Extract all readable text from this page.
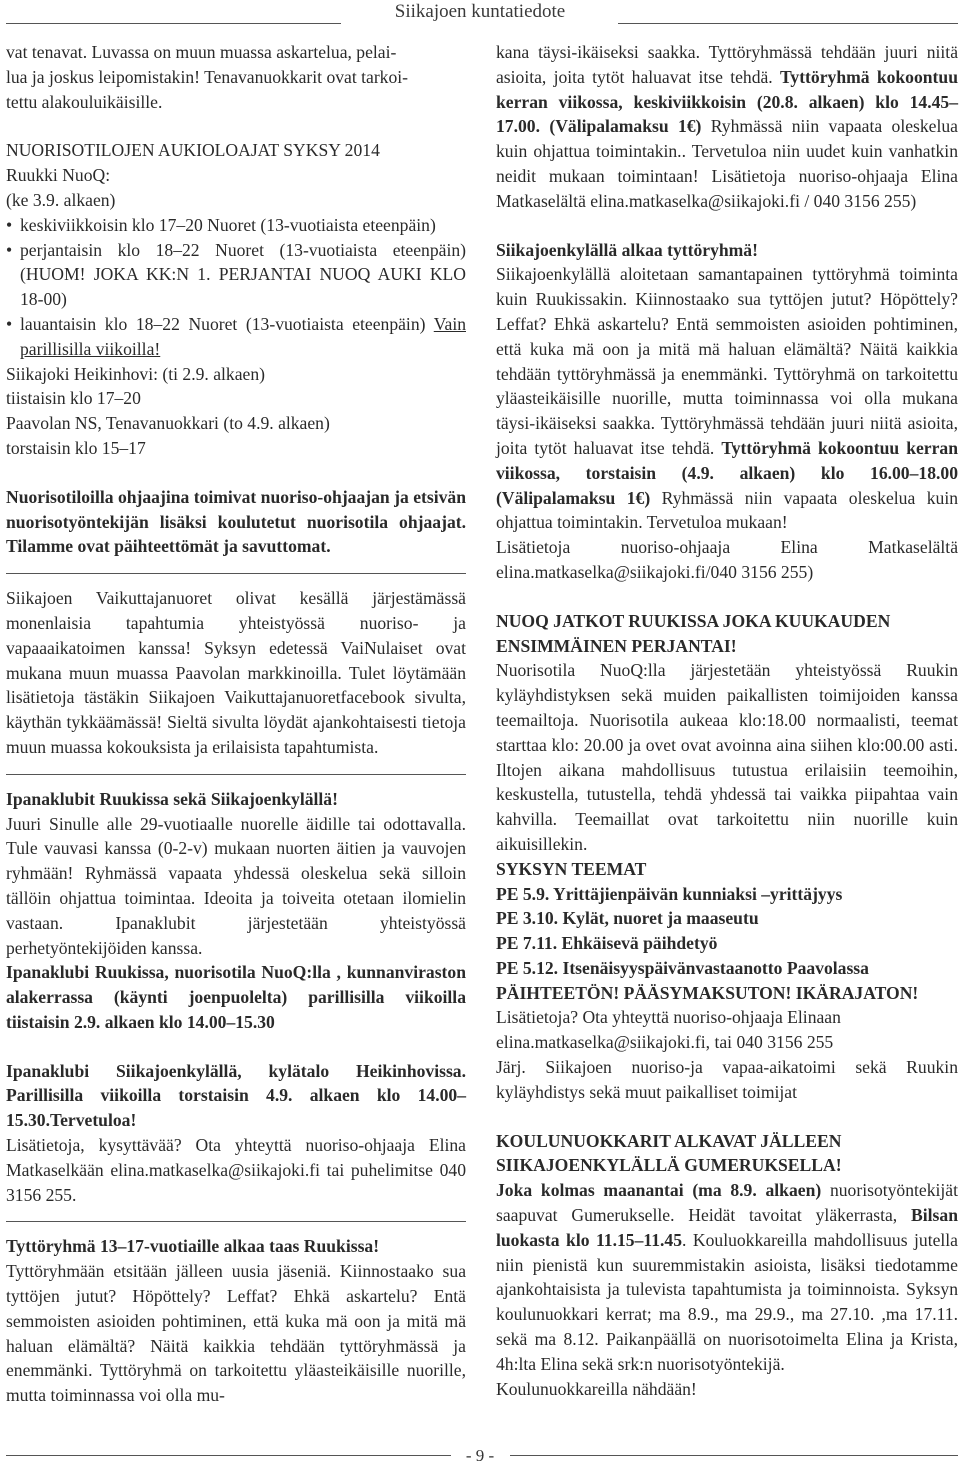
Siikajoen kuntatiedote

vat tenavat. Luvassa on muun muassa askartelua, pelai-

lua ja joskus leipomistakin! Tenavanuokkarit ovat tarkoi-

tettu alakouluikäisille.

NUORISOTILOJEN AUKIOLOAJAT SYKSY 2014

Ruukki NuoQ:

(ke 3.9. alkaen)

• keskiviikkoisin klo 17–20 Nuoret (13-vuotiaista eteenpäin)
• perjantaisin klo 18–22 Nuoret (13-vuotiaista eteenpäin) (HUOM! JOKA KK:N 1. PERJANTAI NUOQ AUKI KLO 18-00)
• lauantaisin klo 18–22 Nuoret (13-vuotiaista eteenpäin) Vain parillisilla viikoilla!

Siikajoki Heikinhovi: (ti 2.9. alkaen)

tiistaisin klo 17–20

Paavolan NS, Tenavanuokkari (to 4.9. alkaen)

torstaisin klo 15–17

Nuorisotiloilla ohjaajina toimivat nuoriso-ohjaajan ja etsivän nuorisotyöntekijän lisäksi koulutetut nuorisotila ohjaajat. Tilamme ovat päihteettömät ja savuttomat.

Siikajoen Vaikuttajanuoret olivat kesällä järjestämässä monenlaisia tapahtumia yhteistyössä nuoriso- ja vapaaaikatoimen kanssa! Syksyn edetessä VaiNulaiset ovat mukana muun muassa Paavolan markkinoilla. Tulet löytämään lisätietoja tästäkin Siikajoen Vaikuttajanuoretfacebook sivulta, käythän tykkäämässä! Sieltä sivulta löydät ajankohtaisesti tietoja muun muassa kokouksista ja erilaisista tapahtumista.

Ipanaklubit Ruukissa sekä Siikajoenkylällä!

Juuri Sinulle alle 29-vuotiaalle nuorelle äidille tai odottavalla. Tule vauvasi kanssa (0-2-v) mukaan nuorten äitien ja vauvojen ryhmään! Ryhmässä vapaata yhdessä oleskelua sekä silloin tällöin ohjattua toimintaa. Ideoita ja toiveita otetaan ilomielin vastaan. Ipanaklubit järjestetään yhteistyössä perhetyöntekijöiden kanssa.

Ipanaklubi Ruukissa, nuorisotila NuoQ:lla , kunnanviraston alakerrassa (käynti joenpuolelta) parillisilla viikoilla tiistaisin 2.9. alkaen klo 14.00–15.30

Ipanaklubi Siikajoenkylällä, kylätalo Heikinhovissa. Parillisilla viikoilla torstaisin 4.9. alkaen klo 14.00–15.30.Tervetuloa!

Lisätietoja, kysyttävää? Ota yhteyttä nuoriso-ohjaaja Elina Matkaselkään elina.matkaselka@siikajoki.fi tai puhelimitse 040 3156 255.

Tyttöryhmä 13–17-vuotiaille alkaa taas Ruukissa!

Tyttöryhmään etsitään jälleen uusia jäseniä. Kiinnostaako sua tyttöjen jutut? Höpöttely? Leffat? Ehkä askartelu? Entä semmoisten asioiden pohtiminen, että kuka mä oon ja mitä mä haluan elämältä? Näitä kaikkia tehdään tyttöryhmässä ja enemmänki. Tyttöryhmä on tarkoitettu yläasteikäisille nuorille, mutta toiminnassa voi olla mu-

kana täysi-ikäiseksi saakka. Tyttöryhmässä tehdään juuri niitä asioita, joita tytöt haluavat itse tehdä. Tyttöryhmä kokoontuu kerran viikossa, keskiviikkoisin (20.8. alkaen) klo 14.45–17.00. (Välipalamaksu 1€) Ryhmässä niin vapaata oleskelua kuin ohjattua toimintakin.. Tervetuloa niin uudet kuin vanhatkin neidit mukaan toimintaan! Lisätietoja nuoriso-ohjaaja Elina Matkaselältä elina.matkaselka@siikajoki.fi / 040 3156 255)

Siikajoenkylällä alkaa tyttöryhmä!

Siikajoenkylällä aloitetaan samantapainen tyttöryhmä toiminta kuin Ruukissakin. Kiinnostaako sua tyttöjen jutut? Höpöttely? Leffat? Ehkä askartelu? Entä semmoisten asioiden pohtiminen, että kuka mä oon ja mitä mä haluan elämältä? Näitä kaikkia tehdään tyttöryhmässä ja enemmänki. Tyttöryhmä on tarkoitettu yläasteikäisille nuorille, mutta toiminnassa voi olla mukana täysi-ikäiseksi saakka. Tyttöryhmässä tehdään juuri niitä asioita, joita tytöt haluavat itse tehdä. Tyttöryhmä kokoontuu kerran viikossa, torstaisin (4.9. alkaen) klo 16.00–18.00 (Välipalamaksu 1€) Ryhmässä niin vapaata oleskelua kuin ohjattua toimintakin. Tervetuloa mukaan!

Lisätietoja nuoriso-ohjaaja Elina Matkaselältä elina.matkaselka@siikajoki.fi/040 3156 255)

NUOQ JATKOT RUUKISSA JOKA KUUKAUDEN ENSIMMÄINEN PERJANTAI!

Nuorisotila NuoQ:lla järjestetään yhteistyössä Ruukin kyläyhdistyksen sekä muiden paikallisten toimijoiden kanssa teemailtoja. Nuorisotila aukeaa klo:18.00 normaalisti, teemat starttaa klo: 20.00 ja ovet ovat avoinna aina siihen klo:00.00 asti. Iltojen aikana mahdollisuus tutustua erilaisiin teemoihin, keskustella, tutustella, tehdä yhdessä tai vaikka piipahtaa vain kahvilla. Teemaillat ovat tarkoitettu niin nuorille kuin aikuisillekin.

SYKSYN TEEMAT

PE 5.9. Yrittäjienpäivän kunniaksi –yrittäjyys

PE 3.10. Kylät, nuoret ja maaseutu

PE 7.11. Ehkäisevä päihdetyö

PE 5.12. Itsenäisyyspäivänvastaanotto Paavolassa

PÄIHTEETÖN! PÄÄSYMAKSUTON! IKÄRAJATON!

Lisätietoja? Ota yhteyttä nuoriso-ohjaaja Elinaan elina.matkaselka@siikajoki.fi, tai 040 3156 255

Järj. Siikajoen nuoriso-ja vapaa-aikatoimi sekä Ruukin kyläyhdistys sekä muut paikalliset toimijat

KOULUNUOKKARIT ALKAVAT JÄLLEEN SIIKAJOENKYLÄLLÄ GUMERUKSELLA!

Joka kolmas maanantai (ma 8.9. alkaen) nuorisotyöntekijät saapuvat Gumerukselle. Heidät tavoitat yläkerrasta, Bilsan luokasta klo 11.15–11.45. Kouluokkareilla mahdollisuus jutella niin pienistä kun suuremmistakin asioista, lisäksi tiedotamme ajankohtaisista ja tulevista tapahtumista ja toiminnoista. Syksyn koulunuokkari kerrat; ma 8.9., ma 29.9., ma 27.10. ,ma 17.11. sekä ma 8.12. Paikanpäällä on nuorisotoimelta Elina ja Krista, 4h:lta Elina sekä srk:n nuorisotyöntekijä.

Koulunuokkareilla nähdään!

- 9 -
